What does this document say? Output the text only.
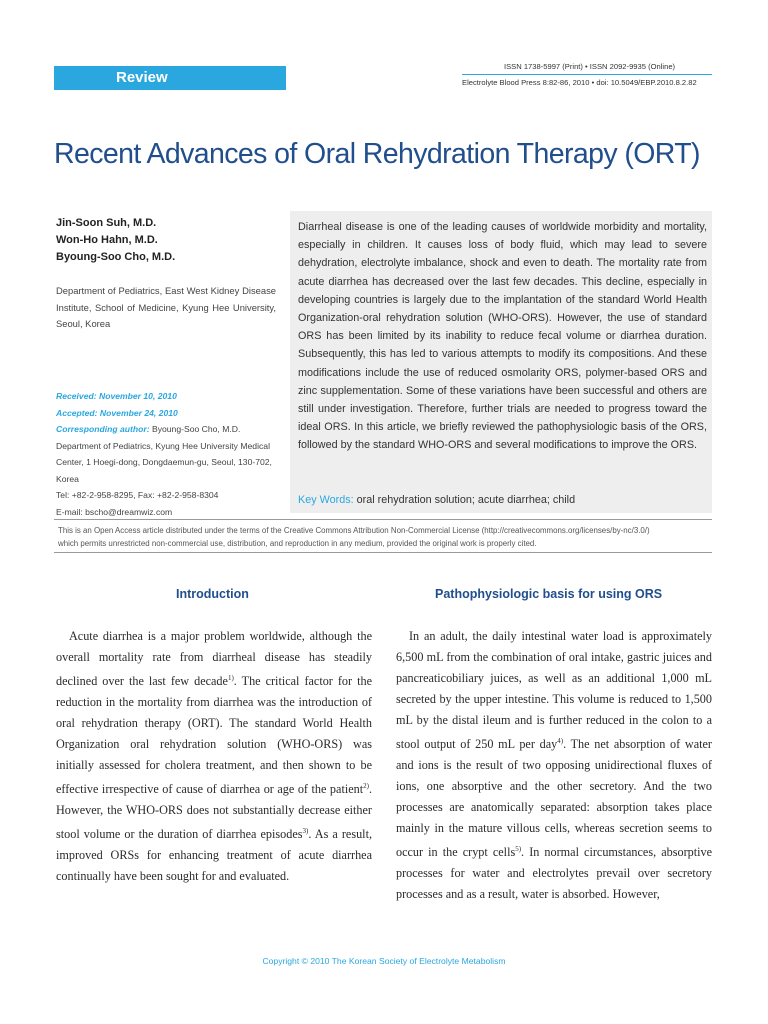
Review
ISSN 1738-5997 (Print) • ISSN 2092-9935 (Online)
Electrolyte Blood Press 8:82-86, 2010 • doi: 10.5049/EBP.2010.8.2.82
Recent Advances of Oral Rehydration Therapy (ORT)
Jin-Soon Suh, M.D.
Won-Ho Hahn, M.D.
Byoung-Soo Cho, M.D.
Department of Pediatrics, East West Kidney Disease Institute, School of Medicine, Kyung Hee University, Seoul, Korea
Received: November 10, 2010
Accepted: November 24, 2010
Corresponding author: Byoung-Soo Cho, M.D.
Department of Pediatrics, Kyung Hee University Medical Center, 1 Hoegi-dong, Dongdaemun-gu, Seoul, 130-702, Korea
Tel: +82-2-958-8295, Fax: +82-2-958-8304
E-mail: bscho@dreamwiz.com
Diarrheal disease is one of the leading causes of worldwide morbidity and mortality, especially in children. It causes loss of body fluid, which may lead to severe dehydration, electrolyte imbalance, shock and even to death. The mortality rate from acute diarrhea has decreased over the last few decades. This decline, especially in developing countries is largely due to the implantation of the standard World Health Organization-oral rehydration solution (WHO-ORS). However, the use of standard ORS has been limited by its inability to reduce fecal volume or diarrhea duration. Subsequently, this has led to various attempts to modify its compositions. And these modifications include the use of reduced osmolarity ORS, polymer-based ORS and zinc supplementation. Some of these variations have been successful and others are still under investigation. Therefore, further trials are needed to progress toward the ideal ORS. In this article, we briefly reviewed the pathophysiologic basis of the ORS, followed by the standard WHO-ORS and several modifications to improve the ORS.
Key Words: oral rehydration solution; acute diarrhea; child
This is an Open Access article distributed under the terms of the Creative Commons Attribution Non-Commercial License (http://creativecommons.org/licenses/by-nc/3.0/)
which permits unrestricted non-commercial use, distribution, and reproduction in any medium, provided the original work is properly cited.
Introduction	Pathophysiologic basis for using ORS
Acute diarrhea is a major problem worldwide, although the overall mortality rate from diarrheal disease has steadily declined over the last few decade$^{1)}$. The critical factor for the reduction in the mortality from diarrhea was the introduction of oral rehydration therapy (ORT). The standard World Health Organization oral rehydration solution (WHO-ORS) was initially assessed for cholera treatment, and then shown to be effective irrespective of cause of diarrhea or age of the patient$^{2)}$. However, the WHO-ORS does not substantially decrease either stool volume or the duration of diarrhea episodes$^{3)}$. As a result, improved ORSs for enhancing treatment of acute diarrhea continually have been sought for and evaluated.
In an adult, the daily intestinal water load is approximately 6,500 mL from the combination of oral intake, gastric juices and pancreaticobiliary juices, as well as an additional 1,000 mL secreted by the upper intestine. This volume is reduced to 1,500 mL by the distal ileum and is further reduced in the colon to a stool output of 250 mL per day$^{4)}$. The net absorption of water and ions is the result of two opposing unidirectional fluxes of ions, one absorptive and the other secretory. And the two processes are anatomically separated: absorption takes place mainly in the mature villous cells, whereas secretion seems to occur in the crypt cells$^{5)}$. In normal circumstances, absorptive processes for water and electrolytes prevail over secretory processes and as a result, water is absorbed. However,
Copyright © 2010 The Korean Society of Electrolyte Metabolism
